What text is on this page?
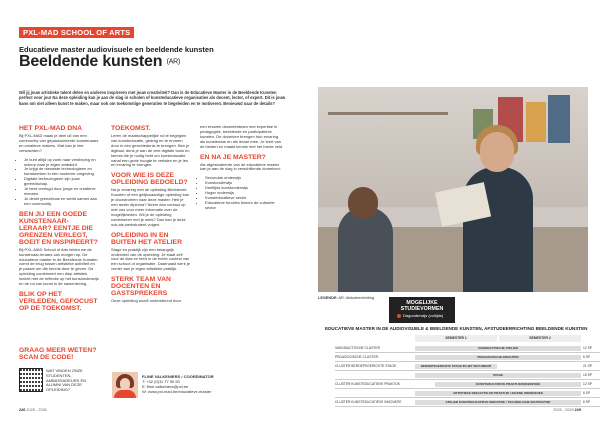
PXL-MAD SCHOOL OF ARTS
Educatieve master audiovisuele en beeldende kunsten
Beeldende kunsten (AR)
Wil jij jouw artistieke talent delen en anderen inspireren met jouw creativiteit? Dan is de Educatieve Master in de Beeldende Kunsten perfect voor jou! Na deze opleiding kan je aan de slag in scholen of kunsteducatieve organisaties als docent, lector, of expert. Dit is jouw kans om niet alleen kunst te maken, maar ook om toekomstige generaties te begeleiden en te motiveren. Benieuwd naar de details?
HET PXL-MAD DNA

Bij PXL-MAD maak je deel uit van een community van gepassioneerde kunstenaars en creatieve makers. Wat kan je hier verwachten?

• Je kunt altijd op zoek naar verdieping en scherp naar je eigen ambacht.
• Je krijgt de nieuwste technologieen en kunstwerken in een moderne omgeving.
• Digitale technologieen zijn jouw gereedschap.
• Je bent omringd door jonge en creatieve mensen.
• Je denkt grenzeloos en werkt samen aan een community.
BEN JIJ EEN GOEDE KUNSTENAAR-LERAAR? EENTJE DIE GRENZEN VERLEGT, BOEIT EN INSPIREERT?

Bij PXL-MAD School of Arts leiden we de kunstenaar-leraars van morgen op. De educatieve master in de Beeldende Kunsten vormt de brug tussen artistieke activiteit en je passie om die kennis door te geven. De opleiding combineert een diep artistiek inzicht met de reflectie op het kunstonderwijs en de rol van kunst in de samenleving.

BLIK OP HET VERLEDEN, GEFOCUST OP DE TOEKOMST.
TOEKOMST.

Leren de maatschappelijke rol te begrijpen van kunsteducatie, gedrag en te ervaren door in een geschiedenis te brengen. Ben je digitaal, denk je aan de vele digitale tools en kennis die je nodig hebt om kunsteducatie vanaf een grote hoogte te vertalen en je les en ervaring te brengen.

VOOR WIE IS DEZE OPLEIDING BEDOELD?

Na je ervaring met de opleiding Beeldende Kunsten of een gelijkwaardige opleiding kan je doorstromen naar deze master. Heb je een ander diploma? Neem dan contact op met ons voor meer informatie over de mogelijkheden. Wil je de opleiding combineren met je werk? Dan kan je deze ook als werkstudent volgen.

OPLEIDING IN EN BUITEN HET ATELIER

Stage en praktijk zijn een belangrijk onderdeel van de opleiding. Je staat zelf voor de klas en leert in de echte context van een school of organisatie. Daarnaast werk je verder aan je eigen artistieke praktijk.

STERK TEAM VAN DOCENTEN EN GASTSPREKERS

Onze opleiding wordt ondersteund door

een ervaren docententeam met expertise in pedagogiek, beeldende en participatieve kunsten. De docenten brengen hun ervaring als kunstenaar en als leraar mee. Je leert van de besten en maakt kennis met het brede veld.

EN NA JE MASTER?

Als afgestudeerde van de educatieve master kan je aan de slag in verschillende domeinen:

• Secundair onderwijs
• Kunstonderwijs
• Deeltijds kunstonderwijs
• Hoger onderwijs
• Kunsteducatieve sector
• Educatieve functies binnen de culturele sector
GRAAG MEER WETEN? SCAN DE CODE!
WAT VINDEN ONZE STUDENTEN, AMBASSADEURS EN ALUMNI VAN DEZE OPLEIDING?
FLINE VALKENIERS • COORDINATOR
T: +32 (0)11 77 50 50
E: fline.valkeniers@pxl.be
W: www.pxl-mad.be/educatieve-master
226 2025 - 2026
LEGENDE: AR: Afstudeerrichting
MOGELIJKE STUDIEVORMEN
Dagonderwijs (voltijds)
EDUCATIEVE MASTER IN DE AUDIOVISUELE & BEELDENDE KUNSTEN, AFSTUDEERRICHTING BEELDENDE KUNSTEN
SEMESTER 1	SEMESTER 2
VAKDIDACTISCHE CLUSTER	VAKDIDACTISCHE ATELIER	12 SP
PEDAGOGISCHE CLUSTER	PEDAGOGISCHE INZICHTEN	6 SP
CLUSTER BEROEPSGERICHTE STAGE	BEROEPSGERICHTE STAGE IN HET SECUNDAIR	21 SP
STAGE	15 SP
CLUSTER KUNSTEDUCATIEVE PRAKTIJK	KUNSTEDUCATIEVE PRAKTIJKONDERZOEK	12 SP
ARTISTIEKE REFLECTIE EN PRAKTIJK / EIGENE ONDERZOEK	6 SP
CLUSTER KUNSTEDUCATIEVE INNOVATIE	ATELIER KUNSTEDUCATIEVE INNOVATIE / TECHNOLOGIE EN PRAKTIJK	6 SP
2025 - 2026 229
